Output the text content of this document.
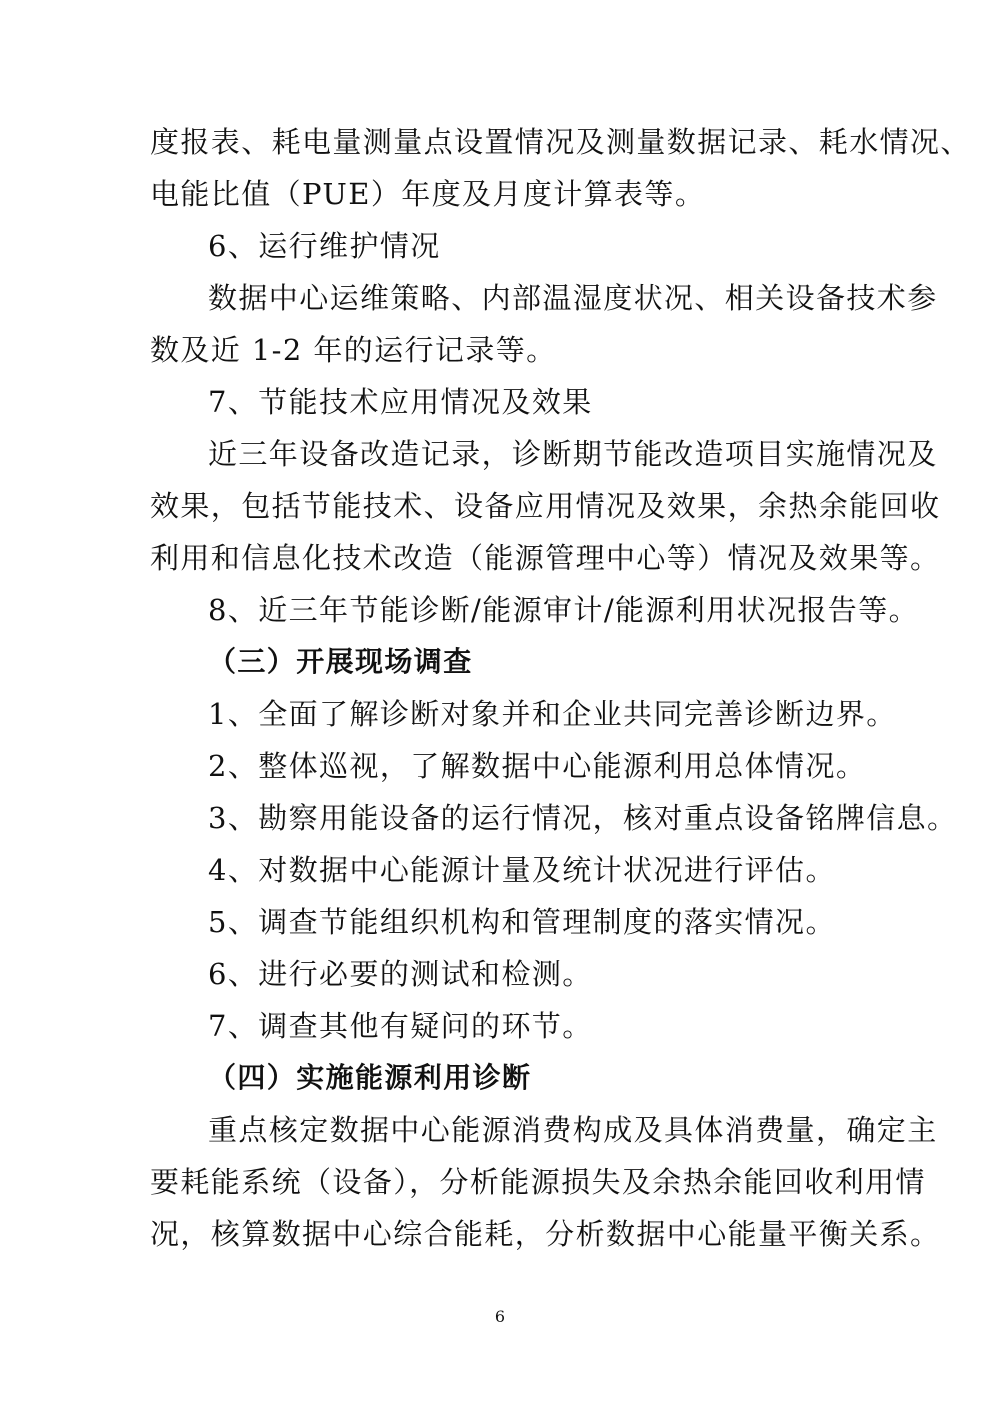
度报表、耗电量测量点设置情况及测量数据记录、耗水情况、
电能比值（PUE）年度及月度计算表等。
6、运行维护情况
数据中心运维策略、内部温湿度状况、相关设备技术参
数及近 1-2 年的运行记录等。
7、节能技术应用情况及效果
近三年设备改造记录，诊断期节能改造项目实施情况及
效果，包括节能技术、设备应用情况及效果，余热余能回收
利用和信息化技术改造（能源管理中心等）情况及效果等。
8、近三年节能诊断/能源审计/能源利用状况报告等。
（三）开展现场调查
1、全面了解诊断对象并和企业共同完善诊断边界。
2、整体巡视，了解数据中心能源利用总体情况。
3、勘察用能设备的运行情况，核对重点设备铭牌信息。
4、对数据中心能源计量及统计状况进行评估。
5、调查节能组织机构和管理制度的落实情况。
6、进行必要的测试和检测。
7、调查其他有疑问的环节。
（四）实施能源利用诊断
重点核定数据中心能源消费构成及具体消费量，确定主
要耗能系统（设备），分析能源损失及余热余能回收利用情
况，核算数据中心综合能耗，分析数据中心能量平衡关系。
6
